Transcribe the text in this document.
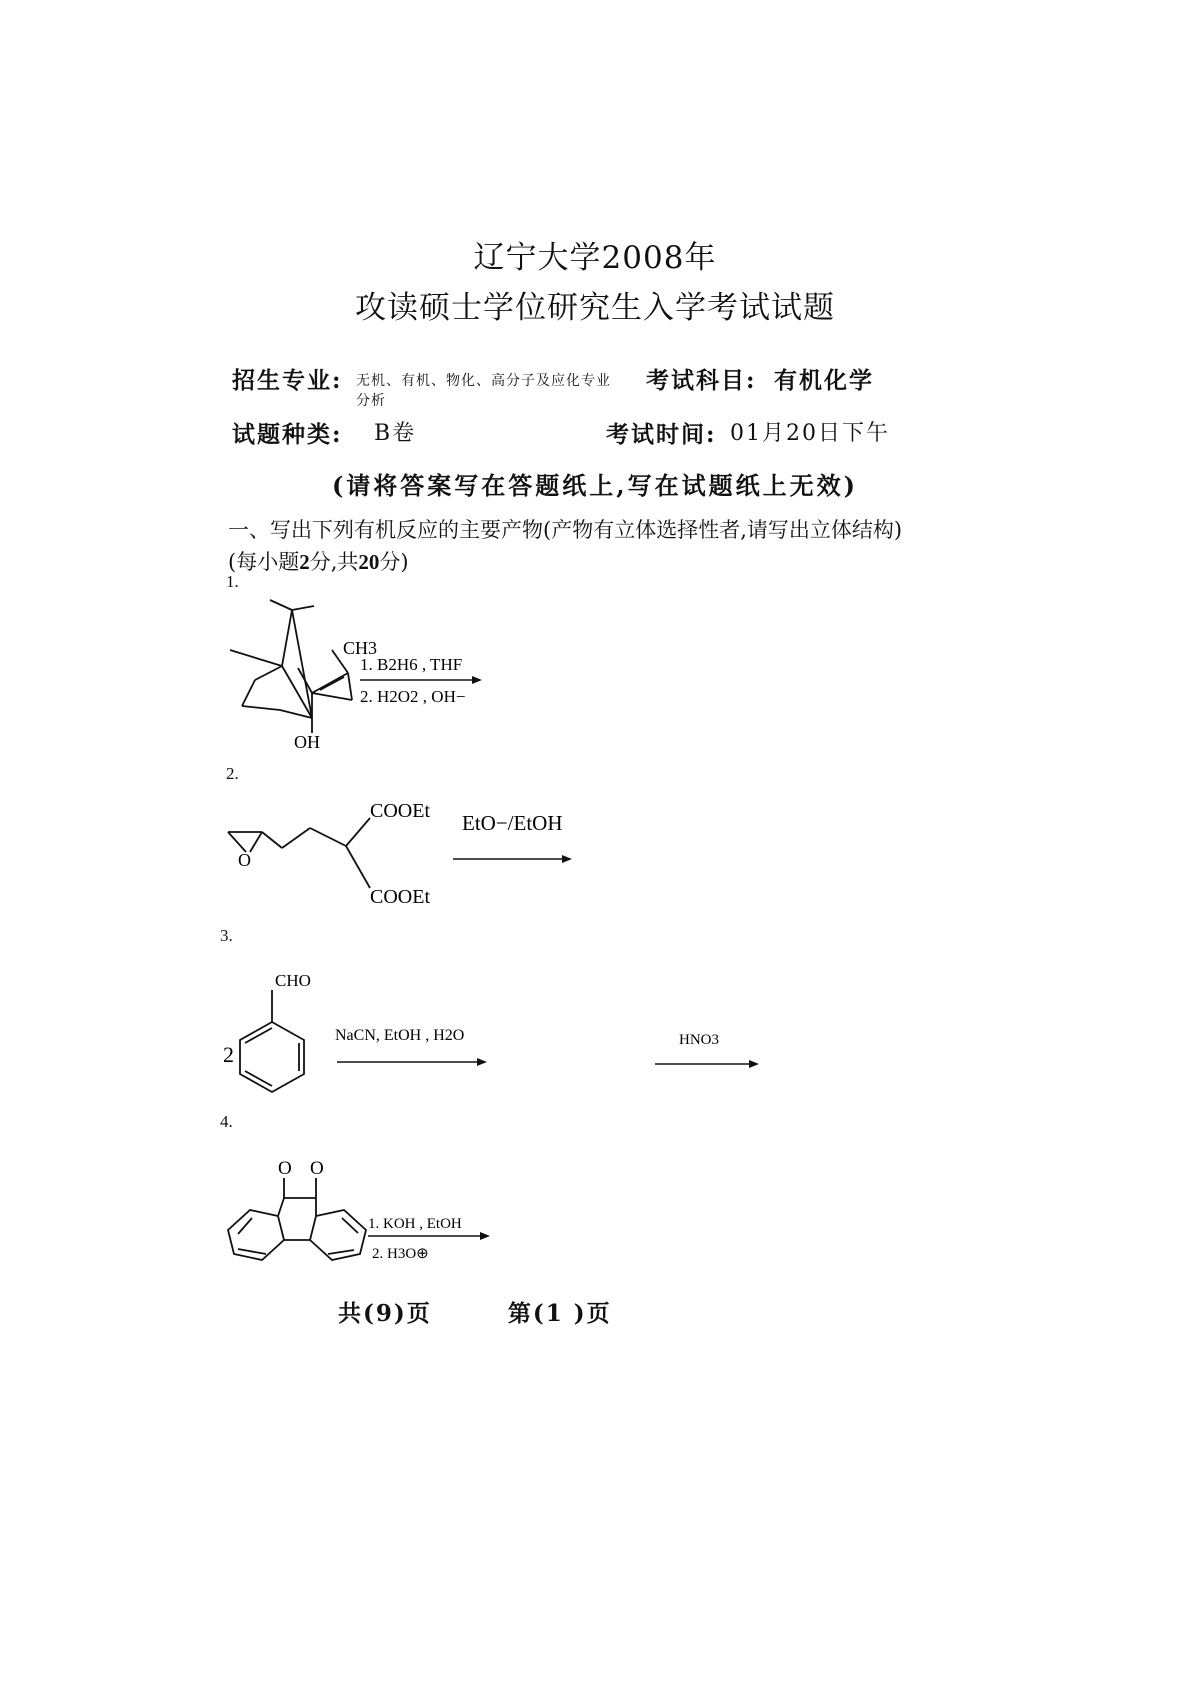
辽宁大学2008年
攻读硕士学位研究生入学考试试题
招生专业: 无机、有机、物化、高分子及应化专业
分析
考试科目: 有机化学
试题种类: B卷	考试时间: 01月20日下午
(请将答案写在答题纸上,写在试题纸上无效)
一、写出下列有机反应的主要产物(产物有立体选择性者,请写出立体结构)(每小题2分,共20分)
1.
CH3
OH
1. B2H6 , THF
2. H2O2 , OH−
2.
O
COOEt
COOEt
EtO−/EtOH
3.
CHO
2
NaCN, EtOH , H2O	HNO3
4.
O O
1. KOH , EtOH
2. H3O⊕
共(9)页	第(1 )页
